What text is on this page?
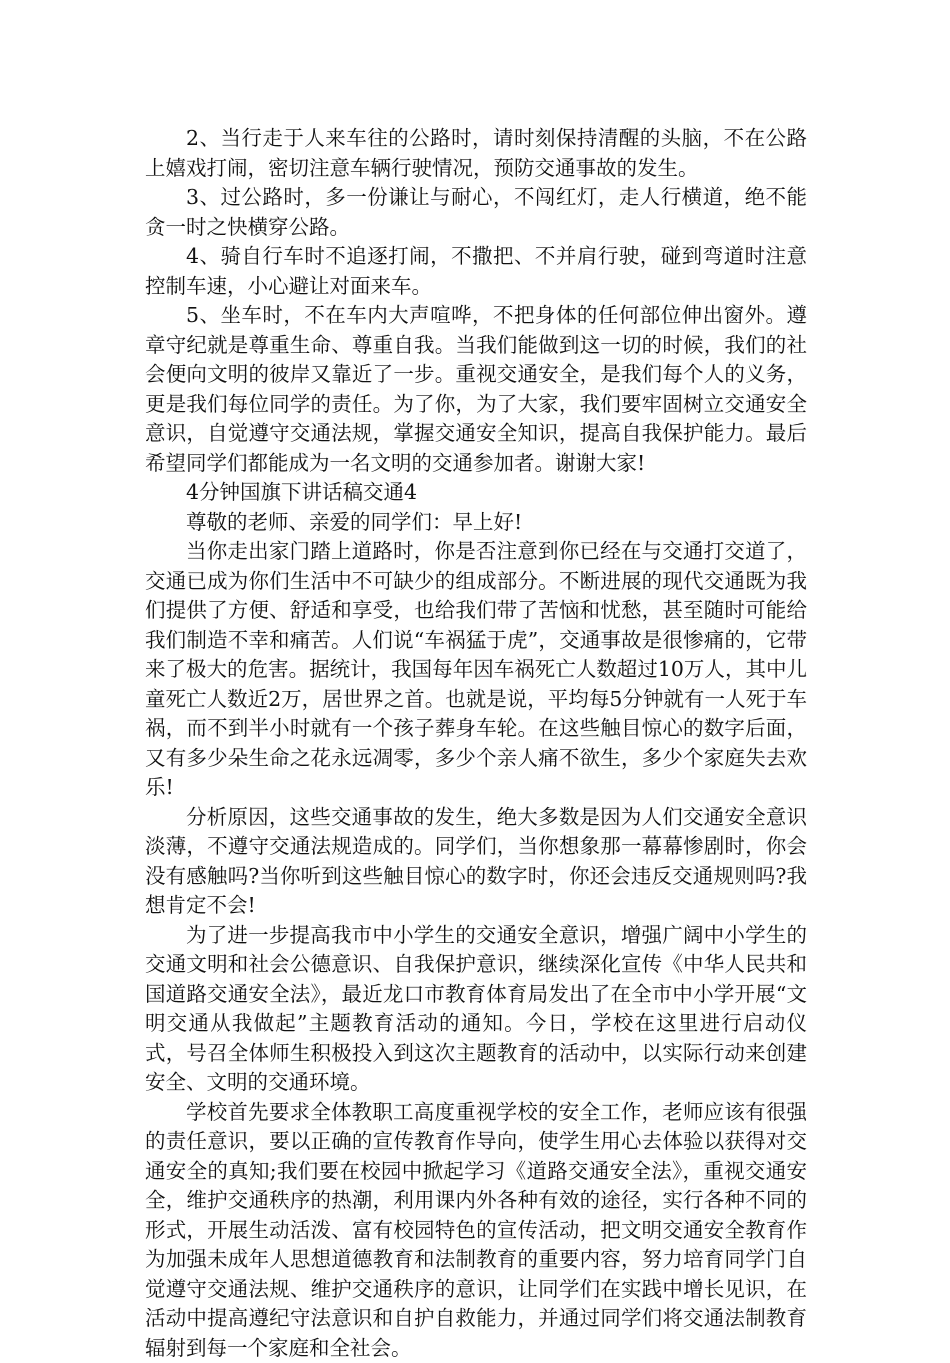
2、当行走于人来车往的公路时，请时刻保持清醒的头脑，不在公路上嬉戏打闹，密切注意车辆行驶情况，预防交通事故的发生。

3、过公路时，多一份谦让与耐心，不闯红灯，走人行横道，绝不能贪一时之快横穿公路。

4、骑自行车时不追逐打闹，不撒把、不并肩行驶，碰到弯道时注意控制车速，小心避让对面来车。

5、坐车时，不在车内大声喧哗，不把身体的任何部位伸出窗外。遵章守纪就是尊重生命、尊重自我。当我们能做到这一切的时候，我们的社会便向文明的彼岸又靠近了一步。重视交通安全，是我们每个人的义务，更是我们每位同学的责任。为了你，为了大家，我们要牢固树立交通安全意识，自觉遵守交通法规，掌握交通安全知识，提高自我保护能力。最后希望同学们都能成为一名文明的交通参加者。谢谢大家!

4分钟国旗下讲话稿交通4

尊敬的老师、亲爱的同学们：早上好!

当你走出家门踏上道路时，你是否注意到你已经在与交通打交道了，交通已成为你们生活中不可缺少的组成部分。不断进展的现代交通既为我们提供了方便、舒适和享受，也给我们带了苦恼和忧愁，甚至随时可能给我们制造不幸和痛苦。人们说“车祸猛于虎”，交通事故是很惨痛的，它带来了极大的危害。据统计，我国每年因车祸死亡人数超过10万人，其中儿童死亡人数近2万，居世界之首。也就是说，平均每5分钟就有一人死于车祸，而不到半小时就有一个孩子葬身车轮。在这些触目惊心的数字后面，又有多少朵生命之花永远凋零，多少个亲人痛不欲生，多少个家庭失去欢乐!

分析原因，这些交通事故的发生，绝大多数是因为人们交通安全意识淡薄，不遵守交通法规造成的。同学们，当你想象那一幕幕惨剧时，你会没有感触吗?当你听到这些触目惊心的数字时，你还会违反交通规则吗?我想肯定不会!

为了进一步提高我市中小学生的交通安全意识，增强广阔中小学生的交通文明和社会公德意识、自我保护意识，继续深化宣传《中华人民共和国道路交通安全法》，最近龙口市教育体育局发出了在全市中小学开展“文明交通从我做起”主题教育活动的通知。今日，学校在这里进行启动仪式，号召全体师生积极投入到这次主题教育的活动中，以实际行动来创建安全、文明的交通环境。

学校首先要求全体教职工高度重视学校的安全工作，老师应该有很强的责任意识，要以正确的宣传教育作导向，使学生用心去体验以获得对交通安全的真知;我们要在校园中掀起学习《道路交通安全法》，重视交通安全，维护交通秩序的热潮，利用课内外各种有效的途径，实行各种不同的形式，开展生动活泼、富有校园特色的宣传活动，把文明交通安全教育作为加强未成年人思想道德教育和法制教育的重要内容，努力培育同学门自觉遵守交通法规、维护交通秩序的意识，让同学们在实践中增长见识，在活动中提高遵纪守法意识和自护自救能力，并通过同学们将交通法制教育辐射到每一个家庭和全社会。
